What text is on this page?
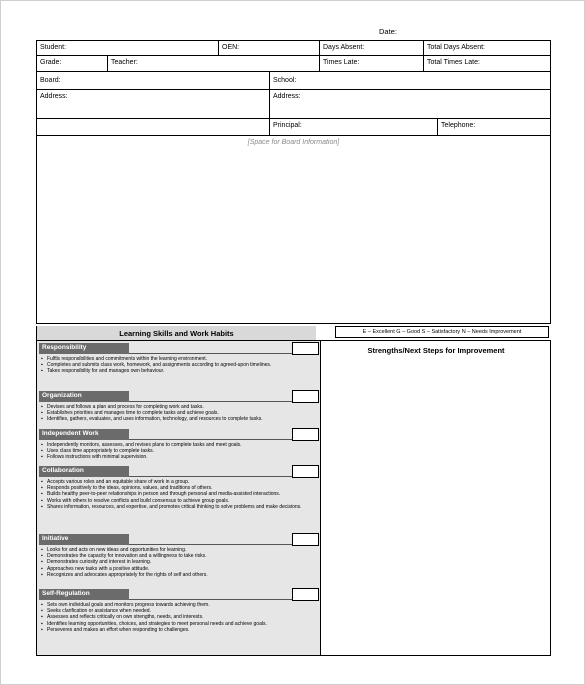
Date:
Student:	OEN:	Days Absent:	Total Days Absent:
Grade:	Teacher:	Times Late:	Total Times Late:
Board:	School:
Address:	Address:
Principal:	Telephone:
[Space for Board Information]
Learning Skills and Work Habits	E – Excellent G – Good S – Satisfactory N – Needs Improvement
Responsibility
▪ Fulfils responsibilities and commitments within the learning environment.
▪ Completes and submits class work, homework, and assignments according to agreed-upon timelines.
▪ Takes responsibility for and manages own behaviour.
Organization
▪ Devises and follows a plan and process for completing work and tasks.
▪ Establishes priorities and manages time to complete tasks and achieve goals.
▪ Identifies, gathers, evaluates, and uses information, technology, and resources to complete tasks.
Independent Work
▪ Independently monitors, assesses, and revises plans to complete tasks and meet goals.
▪ Uses class time appropriately to complete tasks.
▪ Follows instructions with minimal supervision.
Collaboration
▪ Accepts various roles and an equitable share of work in a group.
▪ Responds positively to the ideas, opinions, values, and traditions of others.
▪ Builds healthy peer-to-peer relationships in person and through personal and media-assisted interactions.
▪ Works with others to resolve conflicts and build consensus to achieve group goals.
▪ Shares information, resources, and expertise, and promotes critical thinking to solve problems and make decisions.
Initiative
▪ Looks for and acts on new ideas and opportunities for learning.
▪ Demonstrates the capacity for innovation and a willingness to take risks.
▪ Demonstrates curiosity and interest in learning.
▪ Approaches new tasks with a positive attitude.
▪ Recognizes and advocates appropriately for the rights of self and others.
Self-Regulation
▪ Sets own individual goals and monitors progress towards achieving them.
▪ Seeks clarification or assistance when needed.
▪ Assesses and reflects critically on own strengths, needs, and interests.
▪ Identifies learning opportunities, choices, and strategies to meet personal needs and achieve goals.
▪ Perseveres and makes an effort when responding to challenges.
Strengths/Next Steps for Improvement
